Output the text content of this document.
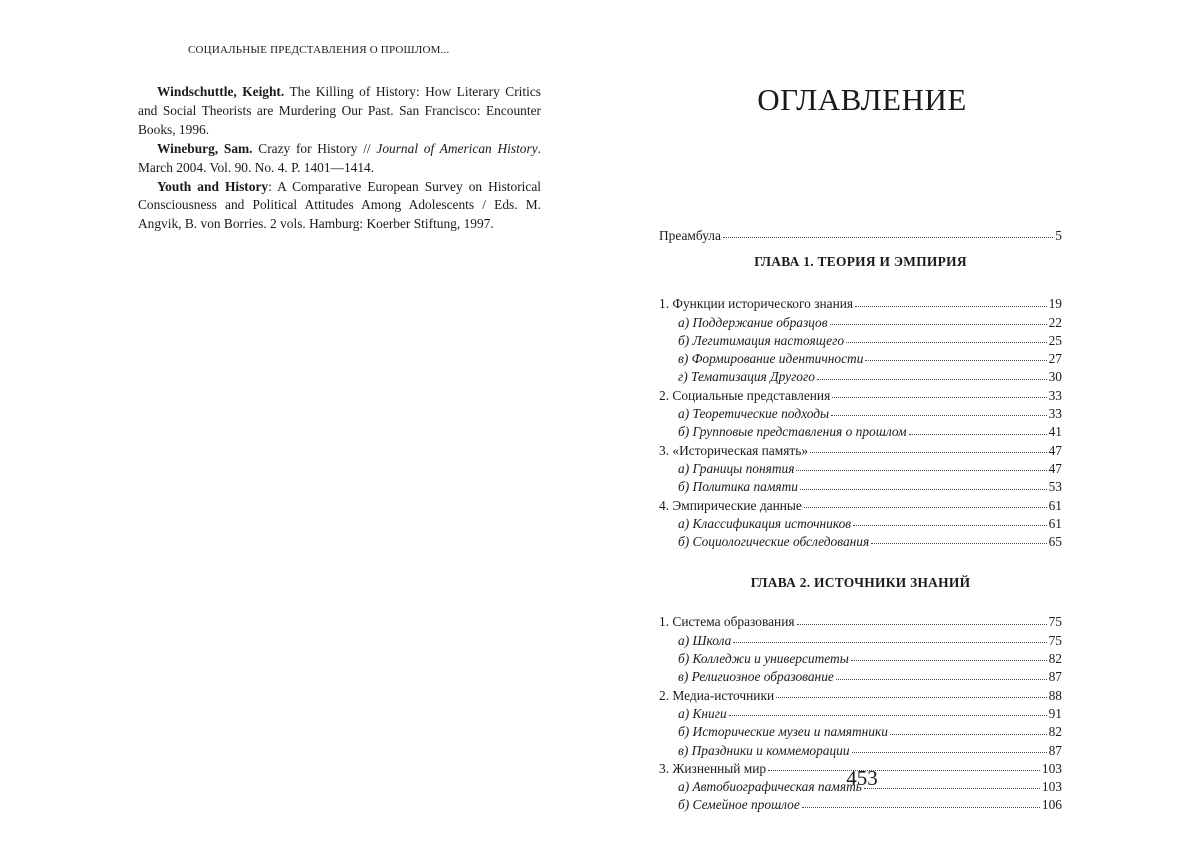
СОЦИАЛЬНЫЕ ПРЕДСТАВЛЕНИЯ О ПРОШЛОМ...

Windschuttle, Keight. The Killing of History: How Literary Critics and Social Theorists are Murdering Our Past. San Francisco: Encounter Books, 1996.

Wineburg, Sam. Crazy for History // Journal of American History. March 2004. Vol. 90. No. 4. P. 1401—1414.

Youth and History: A Comparative European Survey on Historical Consciousness and Political Attitudes Among Adolescents / Eds. M. Angvik, B. von Borries. 2 vols. Hamburg: Koerber Stiftung, 1997.

ОГЛАВЛЕНИЕ
Преамбула	5
ГЛАВА 1. ТЕОРИЯ И ЭМПИРИЯ
1. Функции исторического знания	19
а) Поддержание образцов	22
б) Легитимация настоящего	25
в) Формирование идентичности	27
г) Тематизация Другого	30
2. Социальные представления	33
а) Теоретические подходы	33
б) Групповые представления о прошлом	41
3. «Историческая память»	47
а) Границы понятия	47
б) Политика памяти	53
4. Эмпирические данные	61
а) Классификация источников	61
б) Социологические обследования	65
ГЛАВА 2. ИСТОЧНИКИ ЗНАНИЙ
1. Система образования	75
а) Школа	75
б) Колледжи и университеты	82
в) Религиозное образование	87
2. Медиа-источники	88
а) Книги	91
б) Исторические музеи и памятники	82
в) Праздники и коммеморации	87
3. Жизненный мир	103
а) Автобиографическая память	103
б) Семейное прошлое	106
453
